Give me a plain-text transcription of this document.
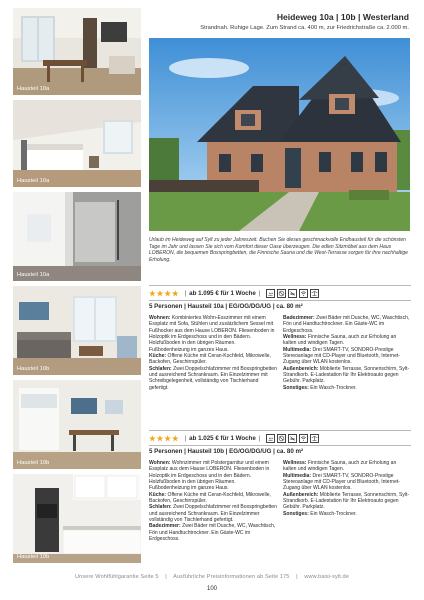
Hausteil 10a
Hausteil 10a
Hausteil 10a
Hausteil 10b
Hausteil 10b
Hausteil 10b
Heideweg 10a | 10b | Westerland
Strandnah. Ruhige Lage. Zum Strand ca. 400 m, zur Friedrichstraße ca. 2.000 m.

Urlaub im Heideweg auf Sylt zu jeder Jahreszeit. Buchen Sie dieses geschmackvolle Endhausteil für die schönsten Tage im Jahr und lassen Sie sich vom Komfort dieser Oase überzeugen. Die edlen Sitzmöbel aus dem Haus LOBERON, die bequemen Boxspringbetten, die Finnische Sauna und die West-Terrasse sorgen für ihre nachhaltige Erholung.

★ ★ ★ ★ | ab 1.095 € für 1 Woche |
5 Personen | Hausteil 10a | EG/OG/DG/UG | ca. 80 m²

Wohnen: Kombiniertes Wohn-Esszimmer mit einem Essplatz mit Sofa, Stühlen und zusätzlichem Sessel mit Fußhocker aus dem Hause LOBERON. Fliesenboden in Holzoptik im Erdgeschoss und in den Bädern. Holzfußboden in den übrigen Räumen. Fußbodenheizung im ganzes Haus.

Küche: Offene Küche mit Ceran-Kochfeld, Mikrowelle, Backofen, Geschirrspüler.

Schlafen: Zwei Doppelschlafzimmer mit Boxspringbetten und ausreichend Schrankraum. Ein Einzelzimmer mit Schreibgelegenheit, vollständig von Tischlerhand gefertigt.

Badezimmer: Zwei Bäder mit Dusche, WC, Waschtisch, Fön und Handtuchtrockner. Ein Gäste-WC im Erdgeschoss.

Wellness: Finnische Sauna, auch zur Erholung an kalten und windigen Tagen.

Multimedia: Drei SMART-TV, SONORO-Prestige Stereoanlage mit CD-Player und Bluetooth, Internet-Zugang über WLAN kostenlos.

Außenbereich: Möblierte Terrasse, Sonnenschirm, Sylt-Strandkorb. E-Ladestation für Ihr Elektroauto gegen Gebühr. Parkplatz.

Sonstiges: Ein Wasch-Trockner.

★ ★ ★ ★ | ab 1.025 € für 1 Woche |
5 Personen | Hausteil 10b | EG/OG/DG/UG | ca. 80 m²

Wohnen: Wohnzimmer mit Polstergarnitur und einem Essplatz aus dem Hause LOBERON. Fliesenboden in Holzoptik im Erdgeschoss und in den Bädern. Holzfußboden in den übrigen Räumen. Fußbodenheizung im ganzes Haus.

Küche: Offene Küche mit Ceran-Kochfeld, Mikrowelle, Backofen, Geschirrspüler.

Schlafen: Zwei Doppelschlafzimmer mit Boxspringbetten und ausreichend Schrankraum. Ein Einzelzimmer vollständig von Tischlerhand gefertigt.

Badezimmer: Zwei Bäder mit Dusche, WC, Waschtisch, Fön und Handtuchtrockner. Ein Gäste-WC im Erdgeschoss.

Wellness: Finnische Sauna, auch zur Erholung an kalten und windigen Tagen.

Multimedia: Drei SMART-TV, SONORO-Prestige Stereoanlage mit CD-Player und Bluetooth, Internet-Zugang über WLAN kostenlos.

Außenbereich: Möblierte Terrasse, Sonnenschirm, Sylt-Strandkorb. E-Ladestation für Ihr Elektroauto gegen Gebühr. Parkplatz.

Sonstiges: Ein Wasch-Trockner.

Unsere Wohlfühlgarantie Seite 5 | Ausführliche Preisinformationen ab Seite 175 | www.baisi-sylt.de
100
